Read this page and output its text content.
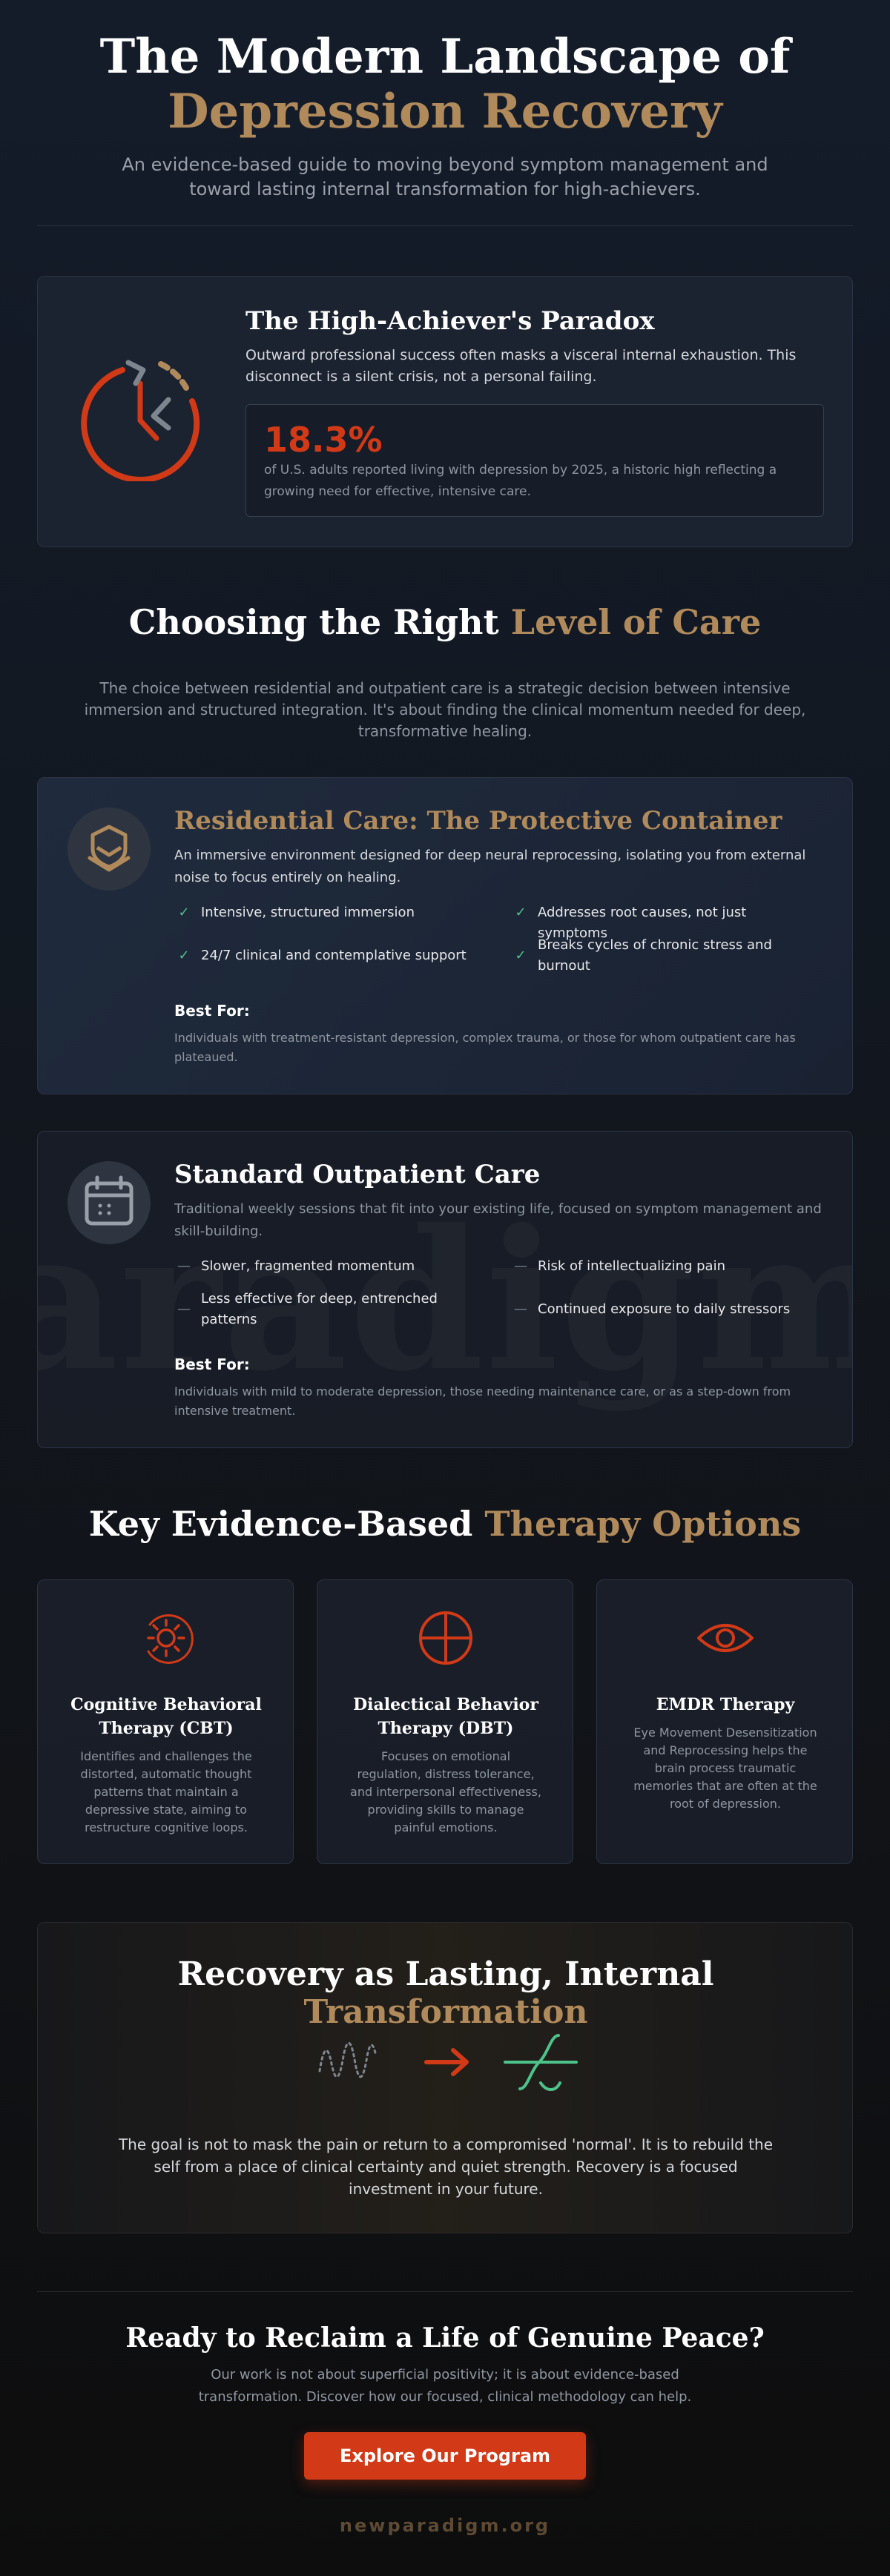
The Modern Landscape of
Depression Recovery

An evidence-based guide to moving beyond symptom management and toward lasting internal transformation for high-achievers.

The High-Achiever's Paradox

Outward professional success often masks a visceral internal exhaustion. This disconnect is a silent crisis, not a personal failing.

18.3%
of U.S. adults reported living with depression by 2025, a historic high reflecting a growing need for effective, intensive care.
Choosing the Right Level of Care

The choice between residential and outpatient care is a strategic decision between intensive immersion and structured integration. It's about finding the clinical momentum needed for deep, transformative healing.

Residential Care: The Protective Container

An immersive environment designed for deep neural reprocessing, isolating you from external noise to focus entirely on healing.

✓ Intensive, structured immersion	✓ Addresses root causes, not just symptoms
✓ 24/7 clinical and contemplative support	✓
Breaks cycles of chronic stress and burnout
Best For:
Individuals with treatment-resistant depression, complex trauma, or those for whom outpatient care has plateaued.
Standard Outpatient Care

Traditional weekly sessions that fit into your existing life, focused on symptom management and skill-building.

— Slower, fragmented momentum	— Risk of intellectualizing pain
—
Less effective for deep, entrenched patterns
— Continued exposure to daily stressors
Best For:
Individuals with mild to moderate depression, those needing maintenance care, or as a step-down from intensive treatment.
Key Evidence-Based Therapy Options
Cognitive Behavioral Therapy (CBT)

Identifies and challenges the distorted, automatic thought patterns that maintain a depressive state, aiming to restructure cognitive loops.

Dialectical Behavior Therapy (DBT)

Focuses on emotional regulation, distress tolerance, and interpersonal effectiveness, providing skills to manage painful emotions.

EMDR Therapy

Eye Movement Desensitization and Reprocessing helps the brain process traumatic memories that are often at the root of depression.

Recovery as Lasting, Internal Transformation

The goal is not to mask the pain or return to a compromised 'normal'. It is to rebuild the self from a place of clinical certainty and quiet strength. Recovery is a focused investment in your future.

Ready to Reclaim a Life of Genuine Peace?

Our work is not about superficial positivity; it is about evidence-based transformation. Discover how our focused, clinical methodology can help.

Explore Our Program
newparadigm.org
